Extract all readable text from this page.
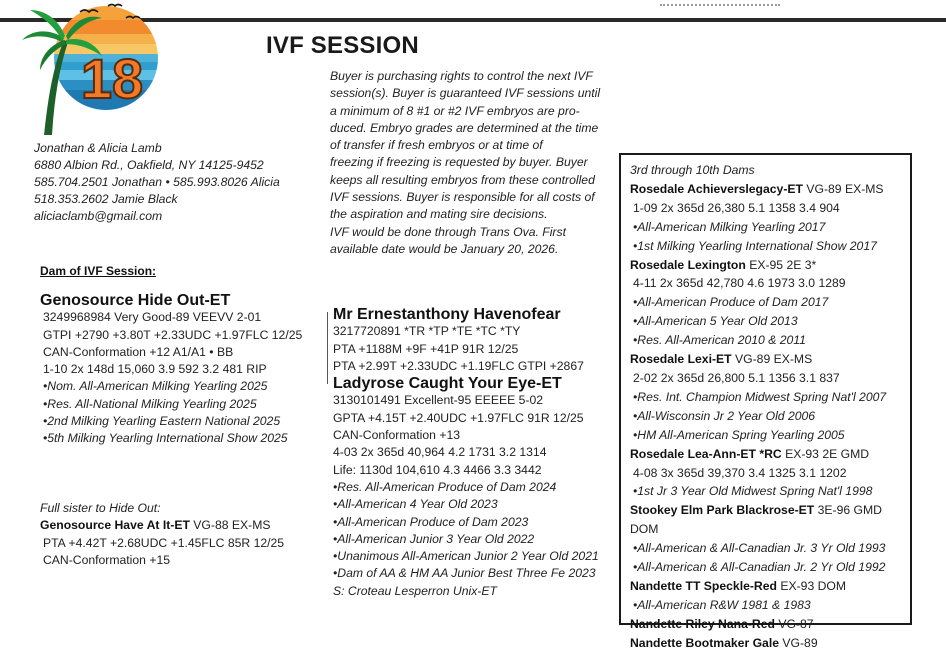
18
IVF SESSION
Jonathan & Alicia Lamb
6880 Albion Rd., Oakfield, NY 14125-9452
585.704.2501 Jonathan • 585.993.8026 Alicia
518.353.2602 Jamie Black
aliciaclamb@gmail.com
Buyer is purchasing rights to control the next IVF
session(s). Buyer is guaranteed IVF sessions until
a minimum of 8 #1 or #2 IVF embryos are pro-
duced. Embryo grades are determined at the time
of transfer if fresh embryos or at time of
freezing if freezing is requested by buyer. Buyer
keeps all resulting embryos from these controlled
IVF sessions. Buyer is responsible for all costs of
the aspiration and mating sire decisions.
IVF would be done through Trans Ova. First
available date would be January 20, 2026.
Dam of IVF Session:
Genosource Hide Out-ET
3249968984 Very Good-89 VEEVV 2-01
GTPI +2790 +3.80T +2.33UDC +1.97FLC 12/25
CAN-Conformation +12 A1/A1 • BB
1-10 2x 148d 15,060 3.9 592 3.2 481 RIP
•Nom. All-American Milking Yearling 2025
•Res. All-National Milking Yearling 2025
•2nd Milking Yearling Eastern National 2025
•5th Milking Yearling International Show 2025
Full sister to Hide Out:
Genosource Have At It-ET VG-88 EX-MS
PTA +4.42T +2.68UDC +1.45FLC 85R 12/25
CAN-Conformation +15
Mr Ernestanthony Havenofear
3217720891 *TR *TP *TE *TC *TY
PTA +1188M +9F +41P 91R 12/25
PTA +2.99T +2.33UDC +1.19FLC GTPI +2867
Ladyrose Caught Your Eye-ET
3130101491 Excellent-95 EEEEE 5-02
GPTA +4.15T +2.40UDC +1.97FLC 91R 12/25
CAN-Conformation +13
4-03 2x 365d 40,964 4.2 1731 3.2 1314
Life: 1130d 104,610 4.3 4466 3.3 3442
•Res. All-American Produce of Dam 2024
•All-American 4 Year Old 2023
•All-American Produce of Dam 2023
•All-American Junior 3 Year Old 2022
•Unanimous All-American Junior 2 Year Old 2021
•Dam of AA & HM AA Junior Best Three Fe 2023
S: Croteau Lesperron Unix-ET
3rd through 10th Dams
Rosedale Achieverslegacy-ET VG-89 EX-MS
1-09 2x 365d 26,380 5.1 1358 3.4 904
•All-American Milking Yearling 2017
•1st Milking Yearling International Show 2017
Rosedale Lexington EX-95 2E 3*
4-11 2x 365d 42,780 4.6 1973 3.0 1289
•All-American Produce of Dam 2017
•All-American 5 Year Old 2013
•Res. All-American 2010 & 2011
Rosedale Lexi-ET VG-89 EX-MS
2-02 2x 365d 26,800 5.1 1356 3.1 837
•Res. Int. Champion Midwest Spring Nat'l 2007
•All-Wisconsin Jr 2 Year Old 2006
•HM All-American Spring Yearling 2005
Rosedale Lea-Ann-ET *RC EX-93 2E GMD
4-08 3x 365d 39,370 3.4 1325 3.1 1202
•1st Jr 3 Year Old Midwest Spring Nat'l 1998
Stookey Elm Park Blackrose-ET 3E-96 GMD DOM
•All-American & All-Canadian Jr. 3 Yr Old 1993
•All-American & All-Canadian Jr. 2 Yr Old 1992
Nandette TT Speckle-Red EX-93 DOM
•All-American R&W 1981 & 1983
Nandette Riley Nana-Red VG-87
Nandette Bootmaker Gale VG-89
